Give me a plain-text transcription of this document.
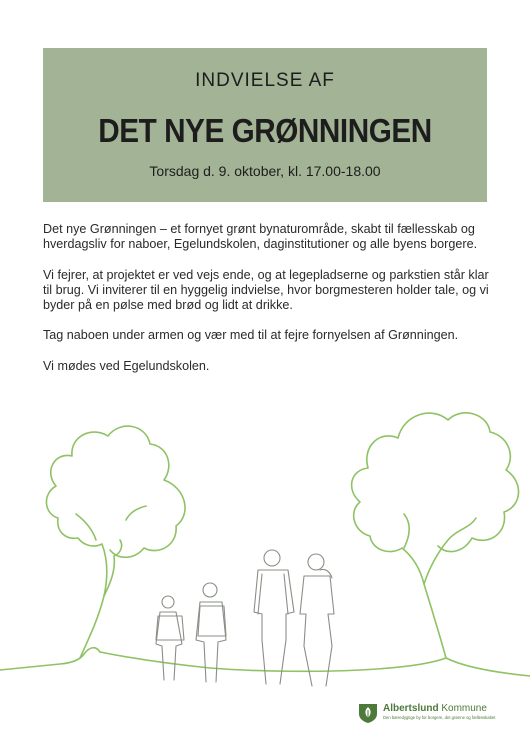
INDVIELSE AF
DET NYE GRØNNINGEN
Torsdag d. 9. oktober, kl. 17.00-18.00

Det nye Grønningen – et fornyet grønt bynaturområde, skabt til fællesskab og hverdagsliv for naboer, Egelundskolen, daginstitutioner og alle byens borgere.

Vi fejrer, at projektet er ved vejs ende, og at legepladserne og parkstien står klar til brug. Vi inviterer til en hyggelig indvielse, hvor borgmesteren holder tale, og vi byder på en pølse med brød og lidt at drikke.

Tag naboen under armen og vær med til at fejre fornyelsen af Grønningen.

Vi mødes ved Egelundskolen.

Albertslund Kommune
Den bæredygtige by for borgere, det grønne og fællesskabet
